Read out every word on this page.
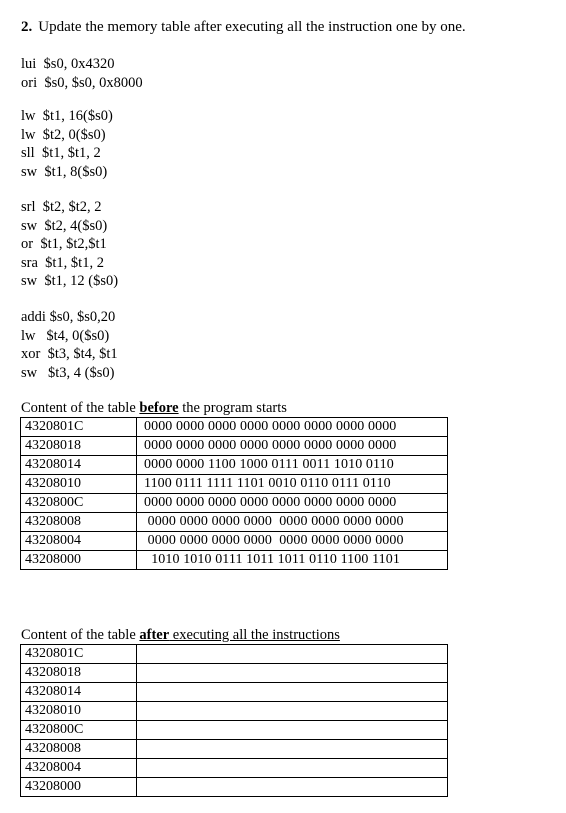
2. Update the memory table after executing all the instruction one by one.
lui  $s0, 0x4320
ori  $s0, $s0, 0x8000
lw  $t1, 16($s0)
lw  $t2, 0($s0)
sll  $t1, $t1, 2
sw  $t1, 8($s0)
srl  $t2, $t2, 2
sw  $t2, 4($s0)
or  $t1, $t2,$t1
sra  $t1, $t1, 2
sw  $t1, 12 ($s0)
addi $s0, $s0,20
lw   $t4, 0($s0)
xor  $t3, $t4, $t1
sw   $t3, 4 ($s0)
Content of the table before the program starts
4320801C	0000 0000 0000 0000 0000 0000 0000 0000
43208018	0000 0000 0000 0000 0000 0000 0000 0000
43208014	0000 0000 1100 1000 0111 0011 1010 0110
43208010	1100 0111 1111 1101 0010 0110 0111 0110
4320800C	0000 0000 0000 0000 0000 0000 0000 0000
43208008	0000 0000 0000 0000  0000 0000 0000 0000
43208004	0000 0000 0000 0000  0000 0000 0000 0000
43208000	1010 1010 0111 1011 1011 0110 1100 1101
Content of the table after executing all the instructions
4320801C	
43208018	
43208014	
43208010	
4320800C	
43208008	
43208004	
43208000	
